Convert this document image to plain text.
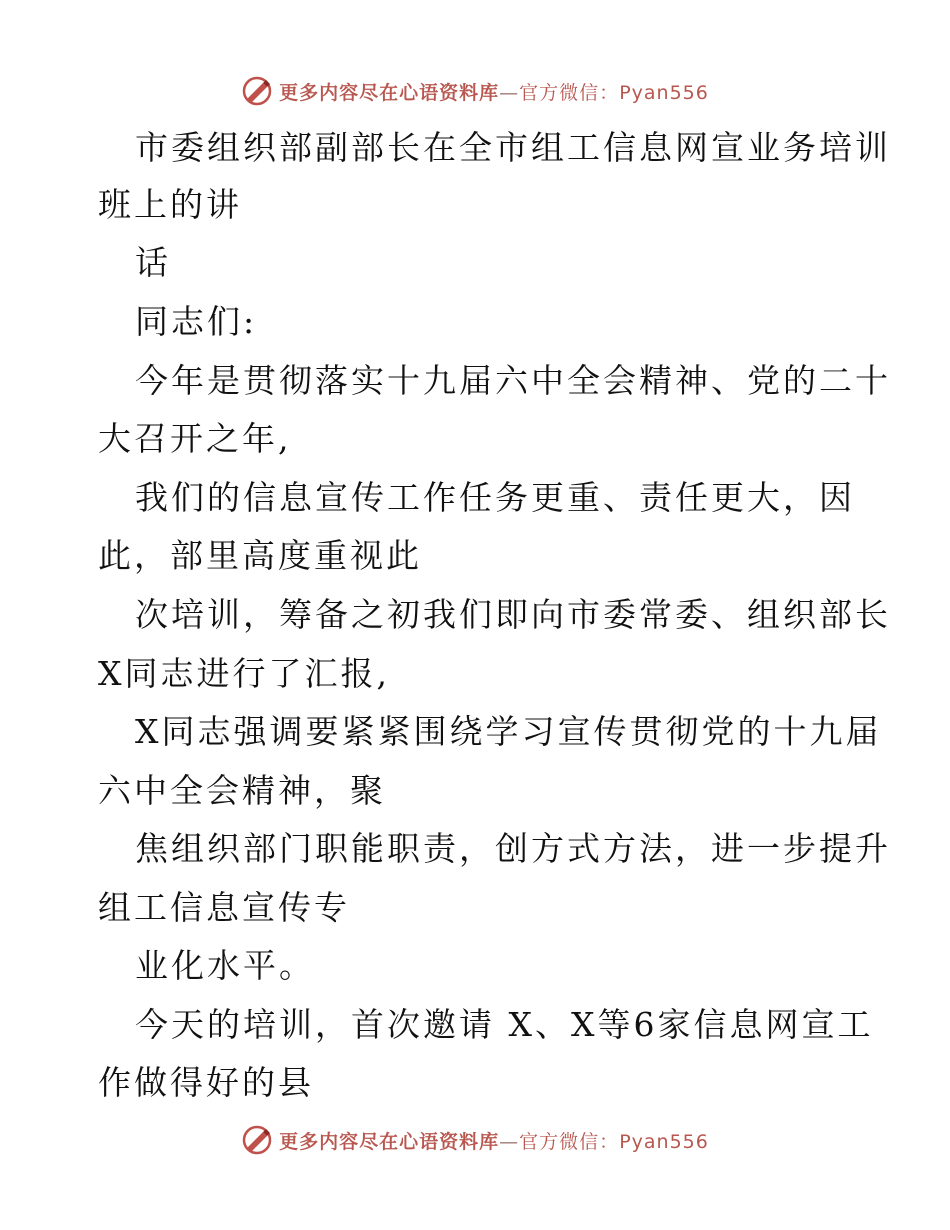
更多内容尽在心语资料库—官方微信：Pyan556
市委组织部副部长在全市组工信息网宣业务培训
班上的讲
话
同志们:
今年是贯彻落实十九届六中全会精神、党的二十
大召开之年,
我们的信息宣传工作任务更重、责任更大，因
此，部里高度重视此
次培训，筹备之初我们即向市委常委、组织部长
X同志进行了汇报,
X同志强调要紧紧围绕学习宣传贯彻党的十九届
六中全会精神，聚
焦组织部门职能职责，创方式方法，进一步提升
组工信息宣传专
业化水平。
今天的培训，首次邀请 X、X等6家信息网宣工
作做得好的县
更多内容尽在心语资料库—官方微信：Pyan556
